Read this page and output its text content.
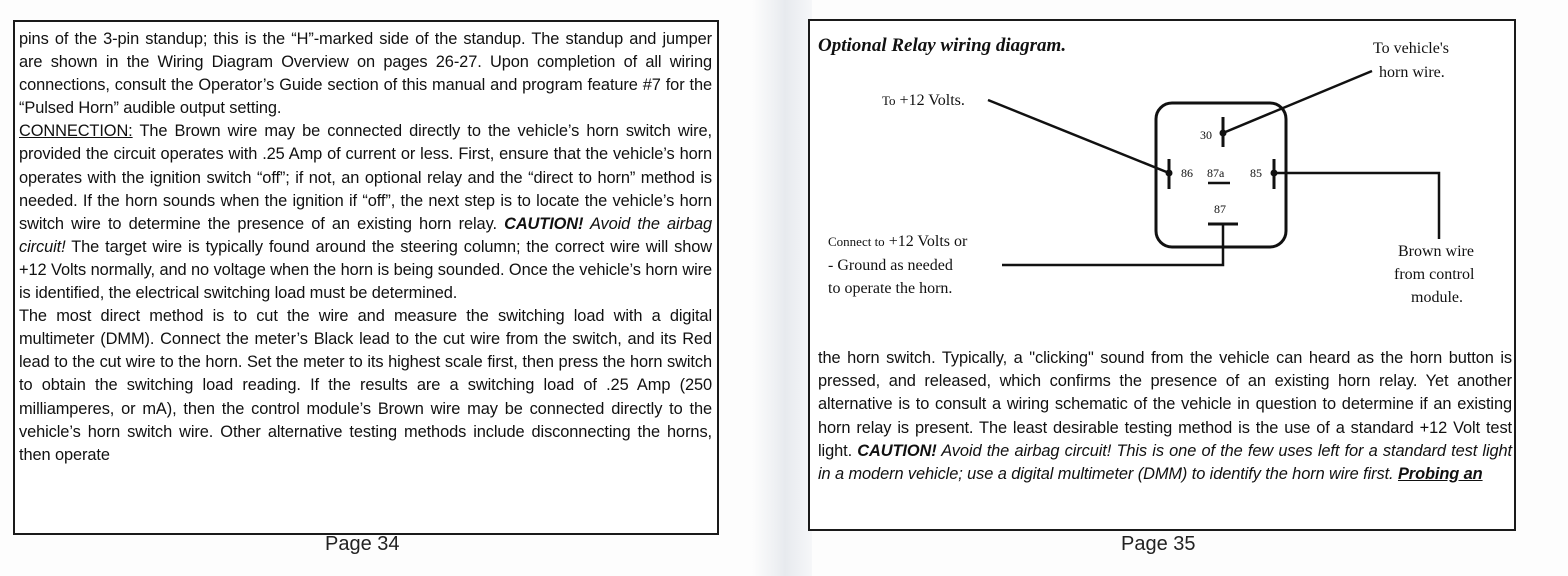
pins of the 3-pin standup; this is the “H”-marked side of the standup. The standup and jumper are shown in the Wiring Diagram Overview on pages 26-27. Upon completion of all wiring connections, consult the Operator’s Guide section of this manual and program feature #7 for the “Pulsed Horn” audible output setting.

CONNECTION: The Brown wire may be connected directly to the vehicle’s horn switch wire, provided the circuit operates with .25 Amp of current or less. First, ensure that the vehicle’s horn operates with the ignition switch “off”; if not, an optional relay and the “direct to horn” method is needed. If the horn sounds when the ignition if “off”, the next step is to locate the vehicle’s horn switch wire to determine the presence of an existing horn relay. CAUTION! Avoid the airbag circuit! The target wire is typically found around the steering column; the correct wire will show +12 Volts normally, and no voltage when the horn is being sounded. Once the vehicle’s horn wire is identified, the electrical switching load must be determined.

The most direct method is to cut the wire and measure the switching load with a digital multimeter (DMM). Connect the meter’s Black lead to the cut wire from the switch, and its Red lead to the cut wire to the horn. Set the meter to its highest scale first, then press the horn switch to obtain the switching load reading. If the results are a switching load of .25 Amp (250 milliamperes, or mA), then the control module’s Brown wire may be connected directly to the vehicle’s horn switch wire. Other alternative testing methods include disconnecting the horns, then operate

Page 34
Optional Relay wiring diagram.
30
86 87a 85
87
To +12 Volts.
To vehicle's
horn wire.
Connect to +12 Volts or
- Ground as needed
to operate the horn.
Brown wire
from control
module.
the horn switch. Typically, a "clicking" sound from the vehicle can heard as the horn button is pressed, and released, which confirms the presence of an existing horn relay. Yet another alternative is to consult a wiring schematic of the vehicle in question to determine if an existing horn relay is present. The least desirable testing method is the use of a standard +12 Volt test light. CAUTION! Avoid the airbag circuit! This is one of the few uses left for a standard test light in a modern vehicle; use a digital multimeter (DMM) to identify the horn wire first. Probing an
Page 35
